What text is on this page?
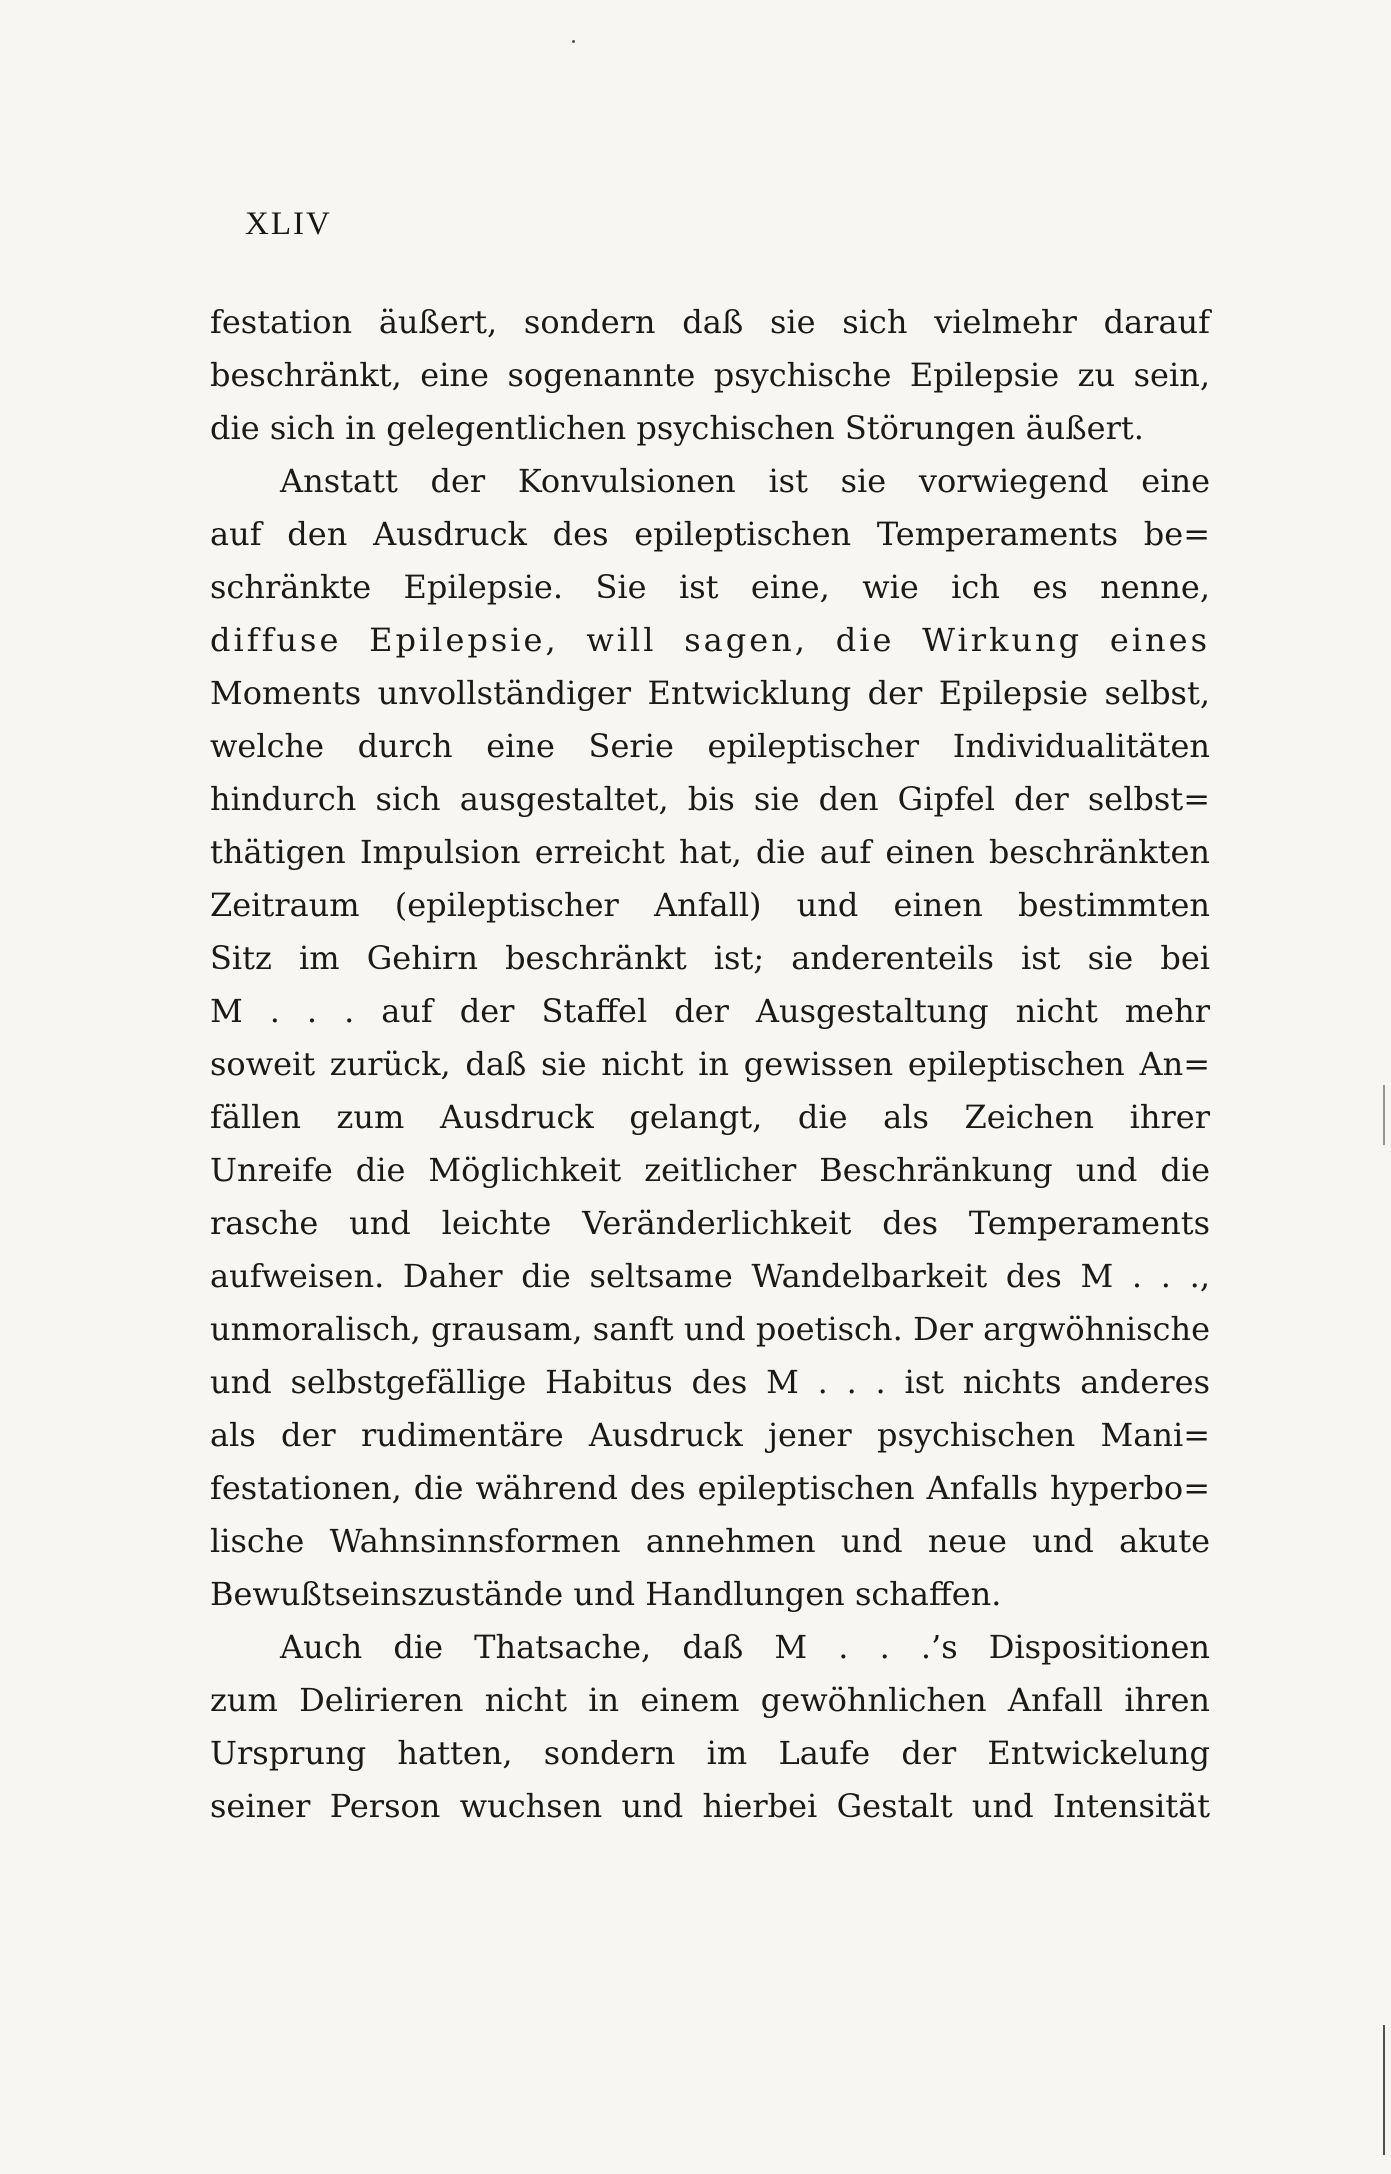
XLIV
festation äußert, sondern daß sie sich vielmehr darauf
beschränkt, eine sogenannte psychische Epilepsie zu sein,
die sich in gelegentlichen psychischen Störungen äußert.
Anstatt der Konvulsionen ist sie vorwiegend eine
auf den Ausdruck des epileptischen Temperaments be=
schränkte Epilepsie. Sie ist eine, wie ich es nenne,
diffuse Epilepsie, will sagen, die Wirkung eines
Moments unvollständiger Entwicklung der Epilepsie selbst,
welche durch eine Serie epileptischer Individualitäten
hindurch sich ausgestaltet, bis sie den Gipfel der selbst=
thätigen Impulsion erreicht hat, die auf einen beschränkten
Zeitraum (epileptischer Anfall) und einen bestimmten
Sitz im Gehirn beschränkt ist; anderenteils ist sie bei
M . . . auf der Staffel der Ausgestaltung nicht mehr
soweit zurück, daß sie nicht in gewissen epileptischen An=
fällen zum Ausdruck gelangt, die als Zeichen ihrer
Unreife die Möglichkeit zeitlicher Beschränkung und die
rasche und leichte Veränderlichkeit des Temperaments
aufweisen. Daher die seltsame Wandelbarkeit des M . . .,
unmoralisch, grausam, sanft und poetisch. Der argwöhnische
und selbstgefällige Habitus des M . . . ist nichts anderes
als der rudimentäre Ausdruck jener psychischen Mani=
festationen, die während des epileptischen Anfalls hyperbo=
lische Wahnsinnsformen annehmen und neue und akute
Bewußtseinszustände und Handlungen schaffen.
Auch die Thatsache, daß M . . .’s Dispositionen
zum Delirieren nicht in einem gewöhnlichen Anfall ihren
Ursprung hatten, sondern im Laufe der Entwickelung
seiner Person wuchsen und hierbei Gestalt und Intensität
